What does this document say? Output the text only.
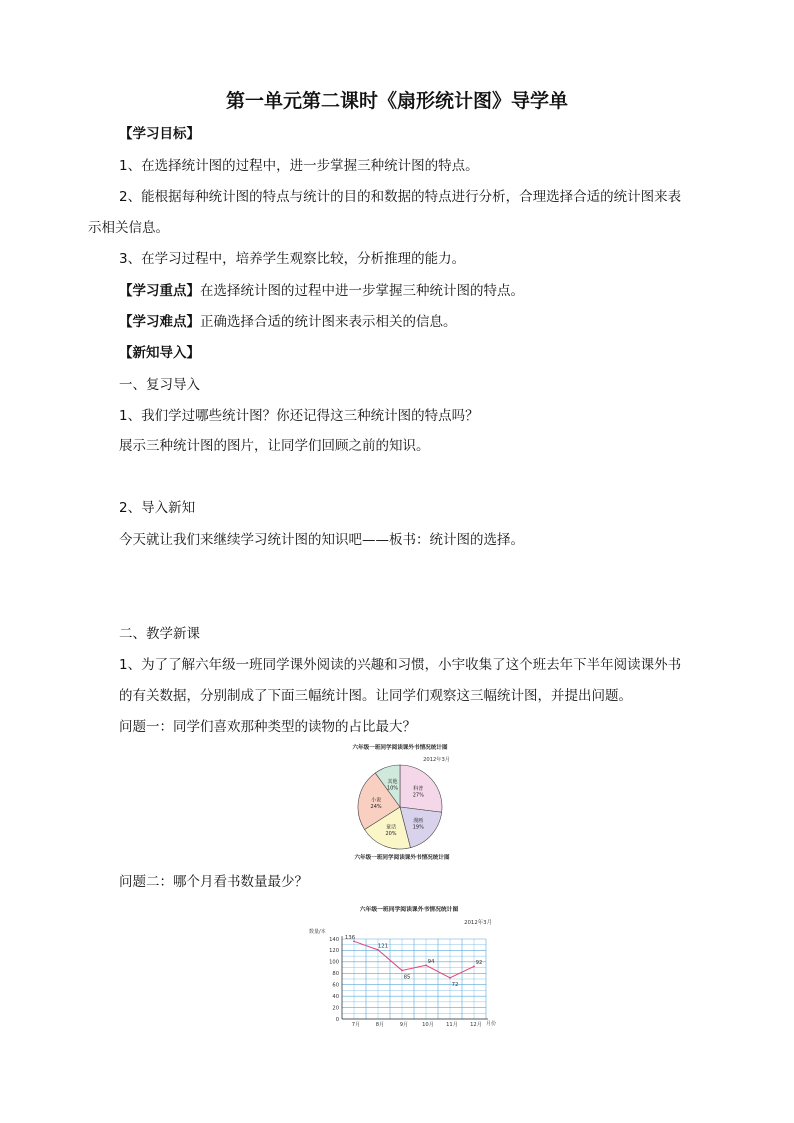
第一单元第二课时《扇形统计图》导学单
【学习目标】
1、在选择统计图的过程中，进一步掌握三种统计图的特点。
2、能根据每种统计图的特点与统计的目的和数据的特点进行分析，合理选择合适的统计图来表
示相关信息。
3、在学习过程中，培养学生观察比较，分析推理的能力。
【学习重点】在选择统计图的过程中进一步掌握三种统计图的特点。
【学习难点】正确选择合适的统计图来表示相关的信息。
【新知导入】
一、复习导入
1、我们学过哪些统计图？你还记得这三种统计图的特点吗？
展示三种统计图的图片，让同学们回顾之前的知识。
2、导入新知
今天就让我们来继续学习统计图的知识吧——板书：统计图的选择。
二、教学新课
1、为了了解六年级一班同学课外阅读的兴趣和习惯，小宇收集了这个班去年下半年阅读课外书
的有关数据，分别制成了下面三幅统计图。让同学们观察这三幅统计图，并提出问题。
问题一：同学们喜欢那种类型的读物的占比最大？
六年级一班同学阅读课外书情况统计图
2012年3月
科普
27%
漫画
19%
童话
20%
小说
24%
其他
10%
六年级一班同学阅读课外书情况统计图
问题二：哪个月看书数量最少？
六年级一班同学阅读课外书情况统计图
2012年3月
数量/本
月份
0
20
40
60
80
100
120
140
7月	8月	9月	10月 11月 12月
136
121
85
94
72
92
